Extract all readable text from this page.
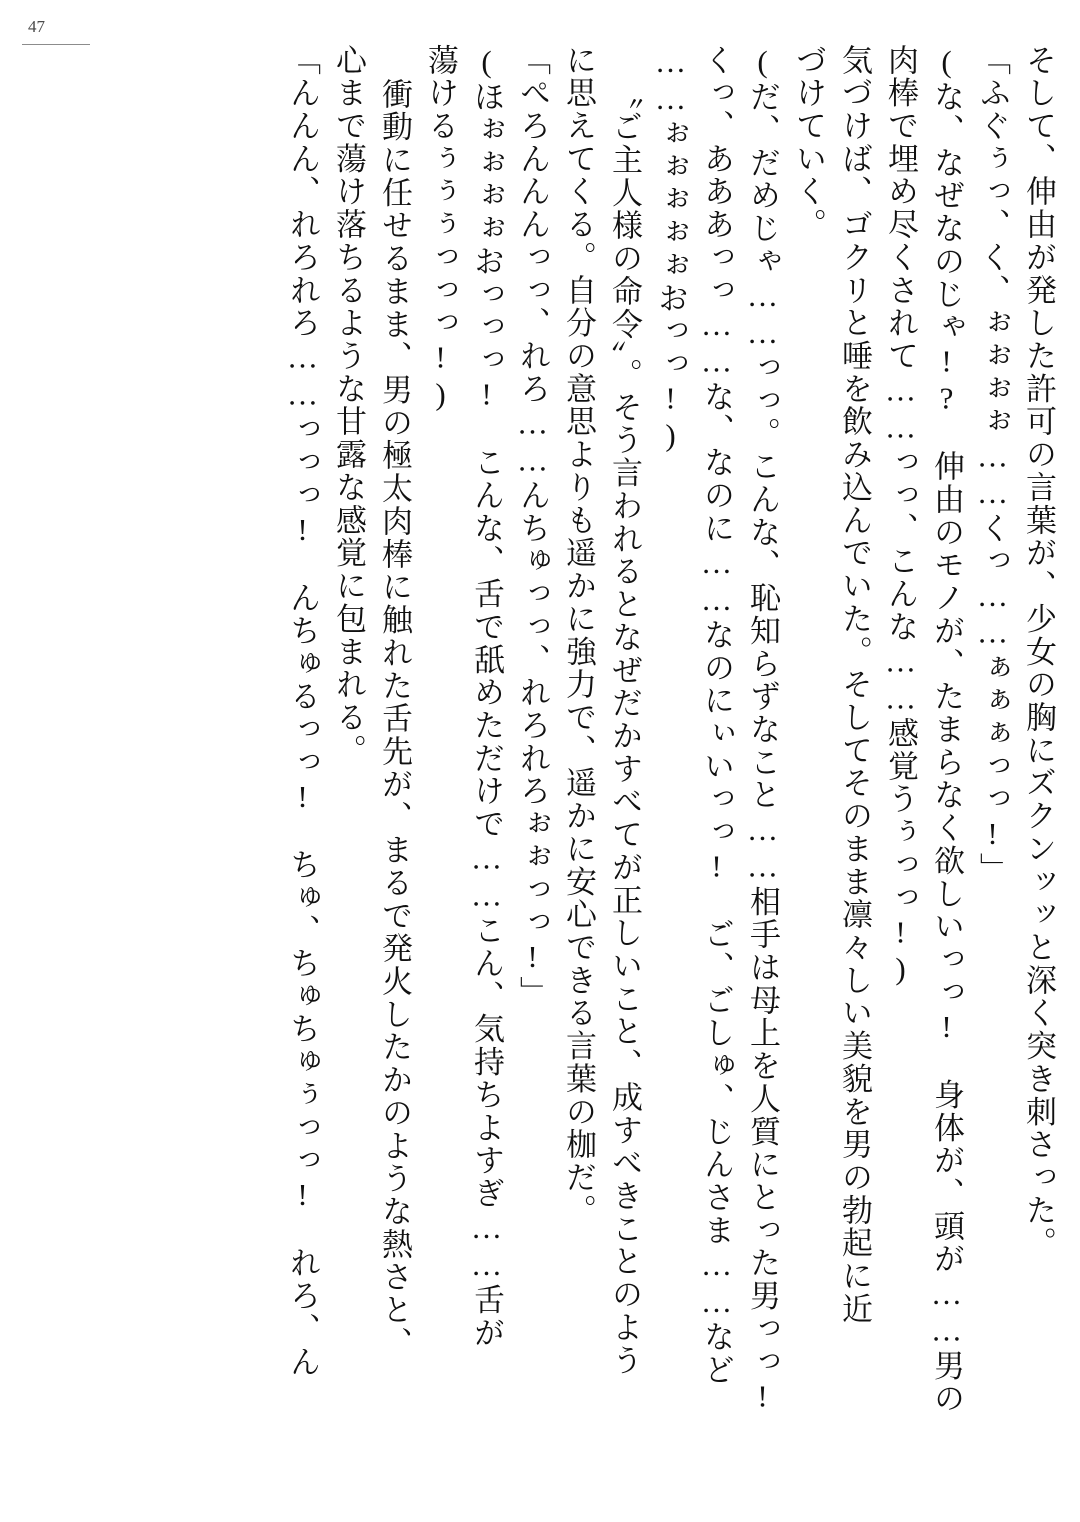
47
そして、伸由が発した許可の言葉が、少女の胸にズクンッッと深く突き刺さった。
「ふぐぅっ、く、ぉぉぉぉ……くっ……ぁぁぁっっ!」
(な、なぜなのじゃ!?　伸由のモノが、たまらなく欲しいっっ!　身体が、頭が……男の
肉棒で埋め尽くされて……っっ、こんな……感覚うぅっっ!)
気づけば、ゴクリと唾を飲み込んでいた。そしてそのまま凛々しい美貌を男の勃起に近
づけていく。
(だ、だめじゃ……っっ。こんな、恥知らずなこと……相手は母上を人質にとった男っっ!
くっ、あああっっ……な、なのに……なのにぃいっっ!　ご、ごしゅ、じんさま……など
……ぉぉぉぉぉおっっ!)
〝ご主人様の命令〟。そう言われるとなぜだかすべてが正しいこと、成すべきことのよう
に思えてくる。自分の意思よりも遥かに強力で、遥かに安心できる言葉の枷だ。
「ぺろんんんっっ、れろ……んちゅっっ、れろれろぉぉっっ!」
(ほぉぉぉぉおっっっ!　こんな、舌で舐めただけで……こん、気持ちよすぎ……舌が
蕩けるぅぅぅっっっ!)
衝動に任せるまま、男の極太肉棒に触れた舌先が、まるで発火したかのような熱さと、
心まで蕩け落ちるような甘露な感覚に包まれる。
「んんん、れろれろ……っっっ!　んちゅるっっ!　ちゅ、ちゅちゅぅっっ!　れろ、ん
